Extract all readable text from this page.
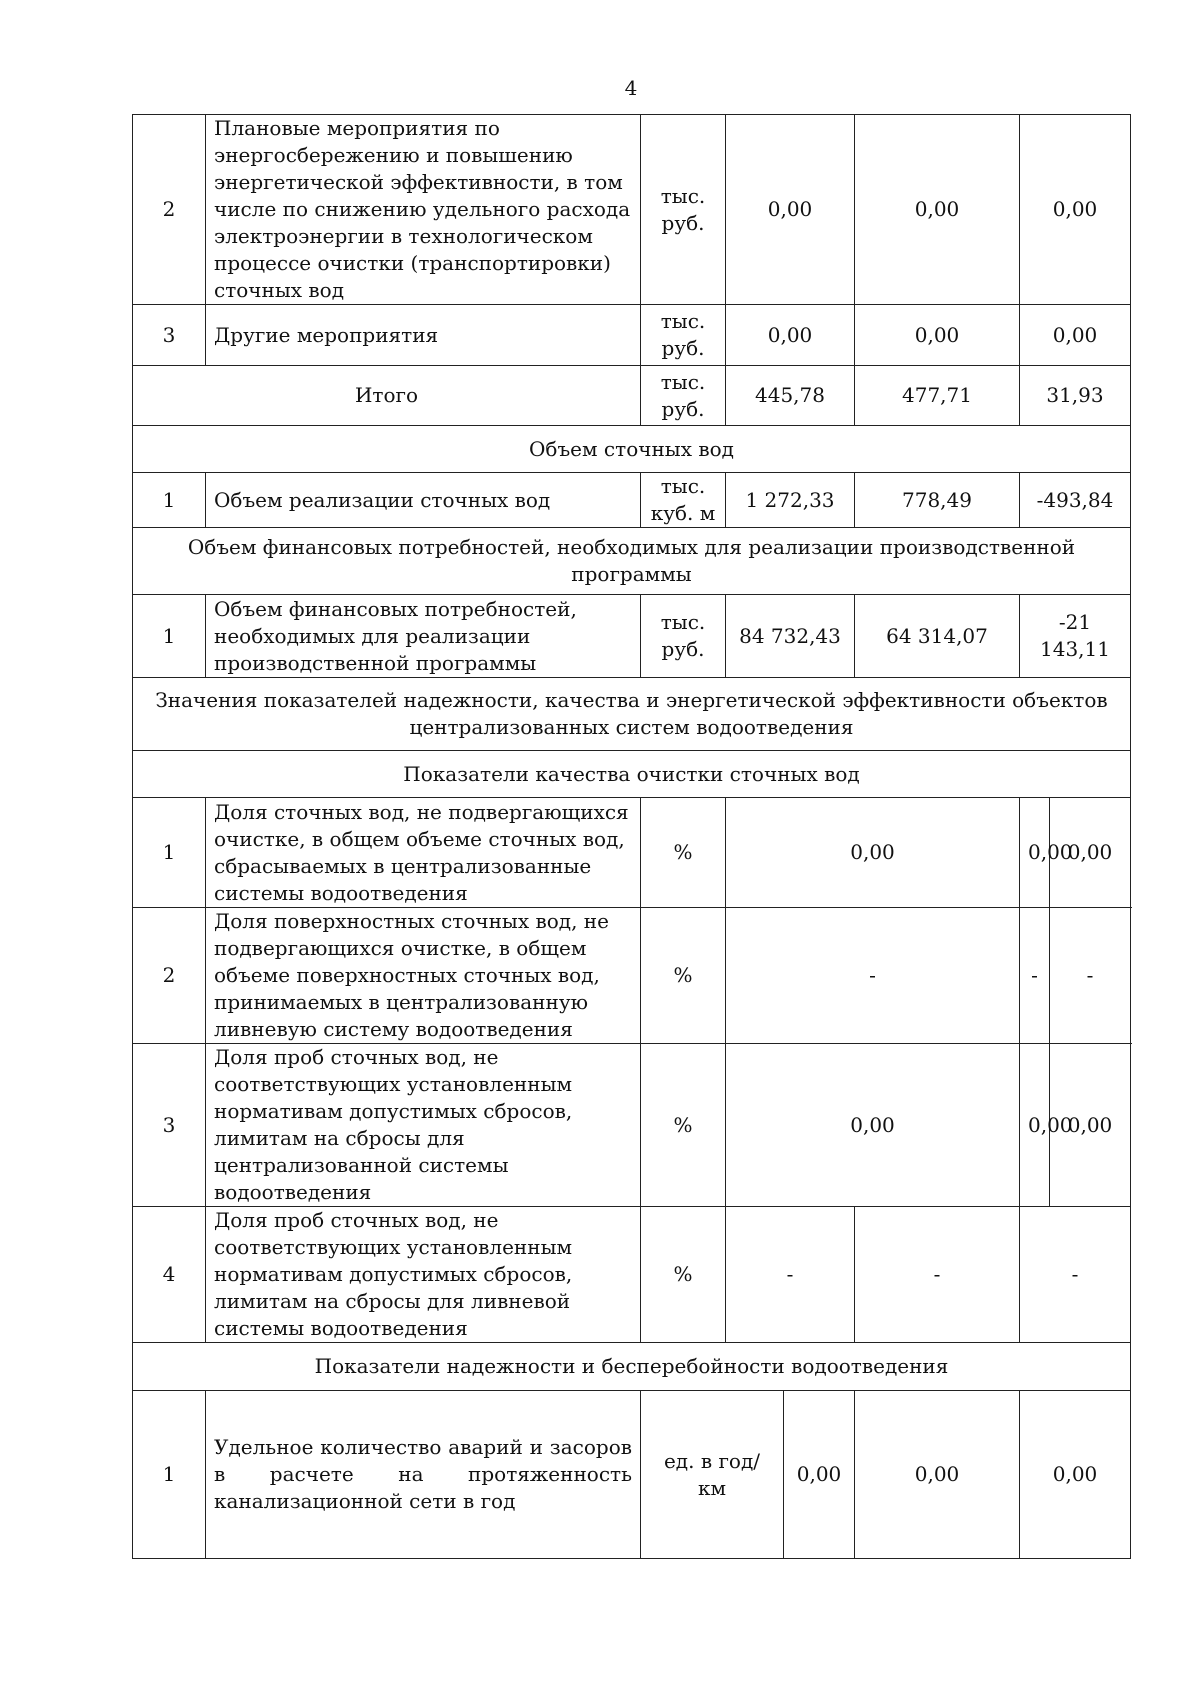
4
2	Плановые мероприятия по энергосбережению и повышению энергетической эффективности, в том числе по снижению удельного расхода электроэнергии в технологическом процессе очистки (транспортировки) сточных вод	тыс. руб.	0,00		0,00	0,00	
3	Другие мероприятия	тыс. руб.	0,00		0,00	0,00	
Итого		тыс. руб.	445,78		477,71	31,93	
Объем сточных вод							
1	Объем реализации сточных вод	тыс. куб. м	1 272,33		778,49	-493,84	
Объем финансовых потребностей, необходимых для реализации производственной программы							
1	Объем финансовых потребностей, необходимых для реализации производственной программы	тыс. руб.	84 732,43		64 314,07	-21 143,11	
Значения показателей надежности, качества и энергетической эффективности объектов централизованных систем водоотведения							
Показатели качества очистки сточных вод							
1	Доля сточных вод, не подвергающихся очистке, в общем объеме сточных вод, сбрасываемых в централизованные системы водоотведения	%	0,00			0,00	0,00
2	Доля поверхностных сточных вод, не подвергающихся очистке, в общем объеме поверхностных сточных вод, принимаемых в централизованную ливневую систему водоотведения	%	-			-	-
3	Доля проб сточных вод, не соответствующих установленным нормативам допустимых сбросов, лимитам на сбросы для централизованной системы водоотведения	%	0,00			0,00	0,00
4	Доля проб сточных вод, не соответствующих установленным нормативам допустимых сбросов, лимитам на сбросы для ливневой системы водоотведения	%	-		-	-	
Показатели надежности и бесперебойности водоотведения							
1	Удельное количество аварий и засоров в расчете на протяженность канализационной сети в год	ед. в год/ км		0,00	0,00	0,00	
